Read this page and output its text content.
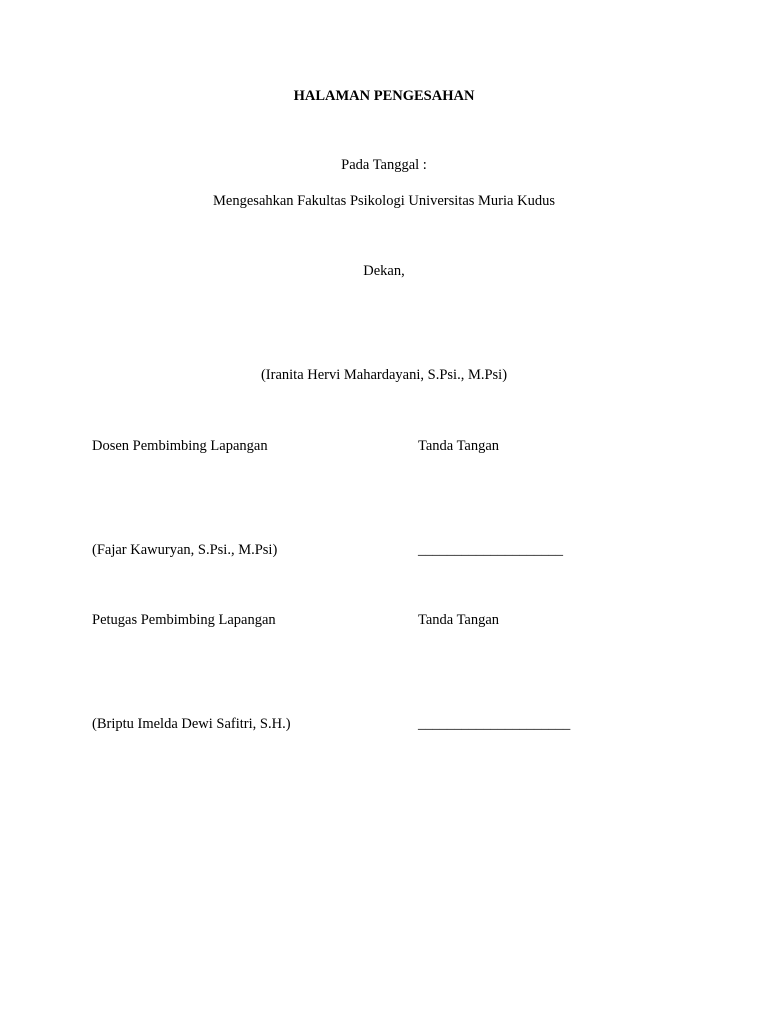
HALAMAN PENGESAHAN
Pada Tanggal :
Mengesahkan Fakultas Psikologi Universitas Muria Kudus
Dekan,
(Iranita Hervi Mahardayani, S.Psi., M.Psi)
Dosen Pembimbing Lapangan	Tanda Tangan
(Fajar Kawuryan, S.Psi., M.Psi)	____________________
Petugas Pembimbing Lapangan	Tanda Tangan
(Briptu Imelda Dewi Safitri, S.H.)	_____________________
